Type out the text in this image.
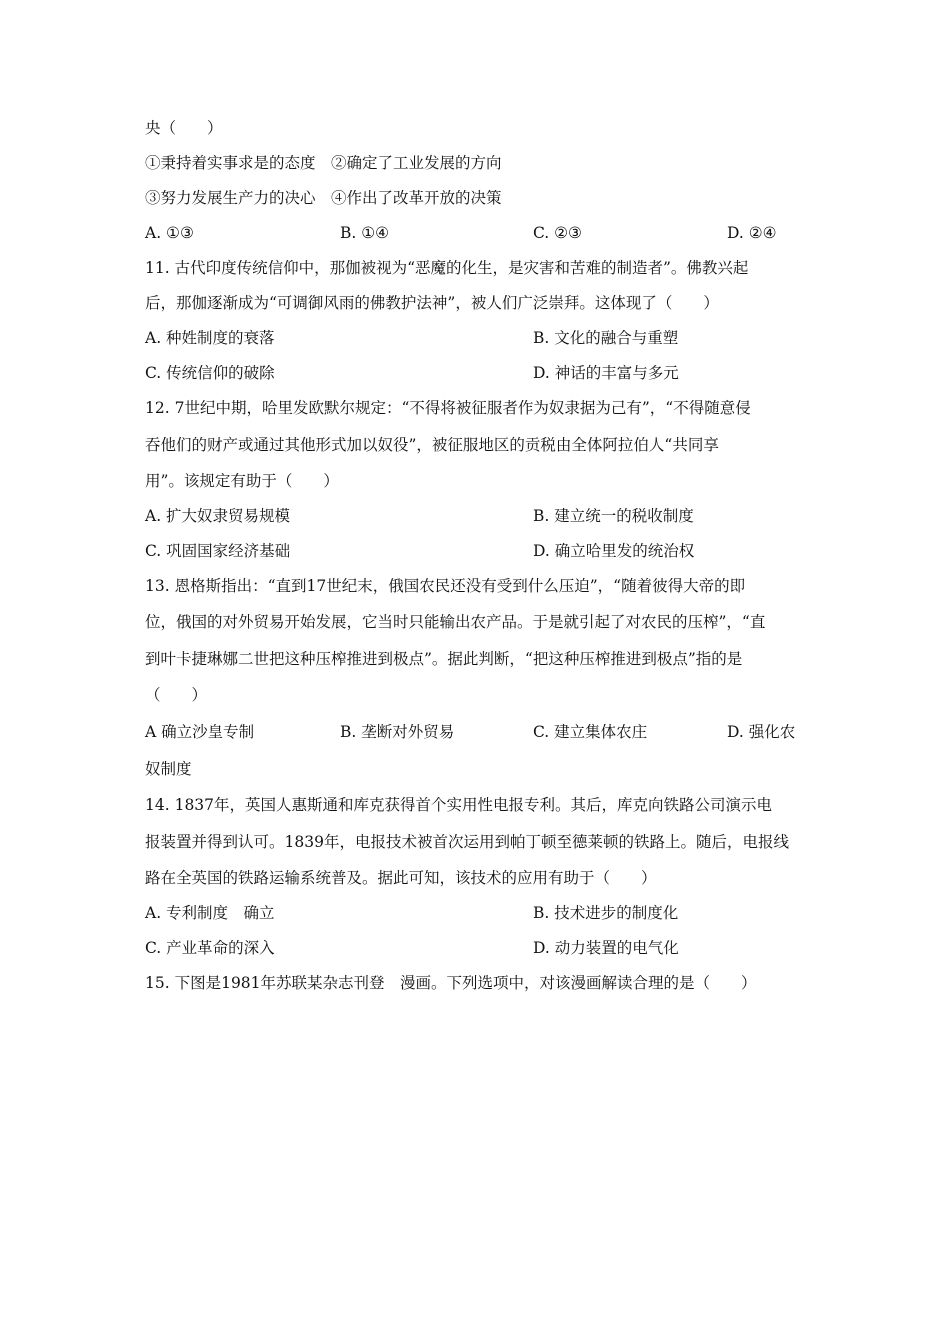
央（　　）
①秉持着实事求是的态度　②确定了工业发展的方向
③努力发展生产力的决心　④作出了改革开放的决策
A. ①③	B. ①④	C. ②③	D. ②④
11. 古代印度传统信仰中，那伽被视为“恶魔的化生，是灾害和苦难的制造者”。佛教兴起
后，那伽逐渐成为“可调御风雨的佛教护法神”，被人们广泛崇拜。这体现了（　　）
A. 种姓制度的衰落	B. 文化的融合与重塑
C. 传统信仰的破除	D. 神话的丰富与多元
12. 7世纪中期，哈里发欧默尔规定：“不得将被征服者作为奴隶据为己有”，“不得随意侵
吞他们的财产或通过其他形式加以奴役”，被征服地区的贡税由全体阿拉伯人“共同享
用”。该规定有助于（　　）
A. 扩大奴隶贸易规模	B. 建立统一的税收制度
C. 巩固国家经济基础	D. 确立哈里发的统治权
13. 恩格斯指出：“直到17世纪末，俄国农民还没有受到什么压迫”，“随着彼得大帝的即
位，俄国的对外贸易开始发展，它当时只能输出农产品。于是就引起了对农民的压榨”，“直
到叶卡捷琳娜二世把这种压榨推进到极点”。据此判断，“把这种压榨推进到极点”指的是
（　　）
A 确立沙皇专制	B. 垄断对外贸易	C. 建立集体农庄	D. 强化农
奴制度
14. 1837年，英国人惠斯通和库克获得首个实用性电报专利。其后，库克向铁路公司演示电
报装置并得到认可。1839年，电报技术被首次运用到帕丁顿至德莱顿的铁路上。随后，电报线
路在全英国的铁路运输系统普及。据此可知，该技术的应用有助于（　　）
A. 专利制度　确立	B. 技术进步的制度化
C. 产业革命的深入	D. 动力装置的电气化
15. 下图是1981年苏联某杂志刊登　漫画。下列选项中，对该漫画解读合理的是（　　）
